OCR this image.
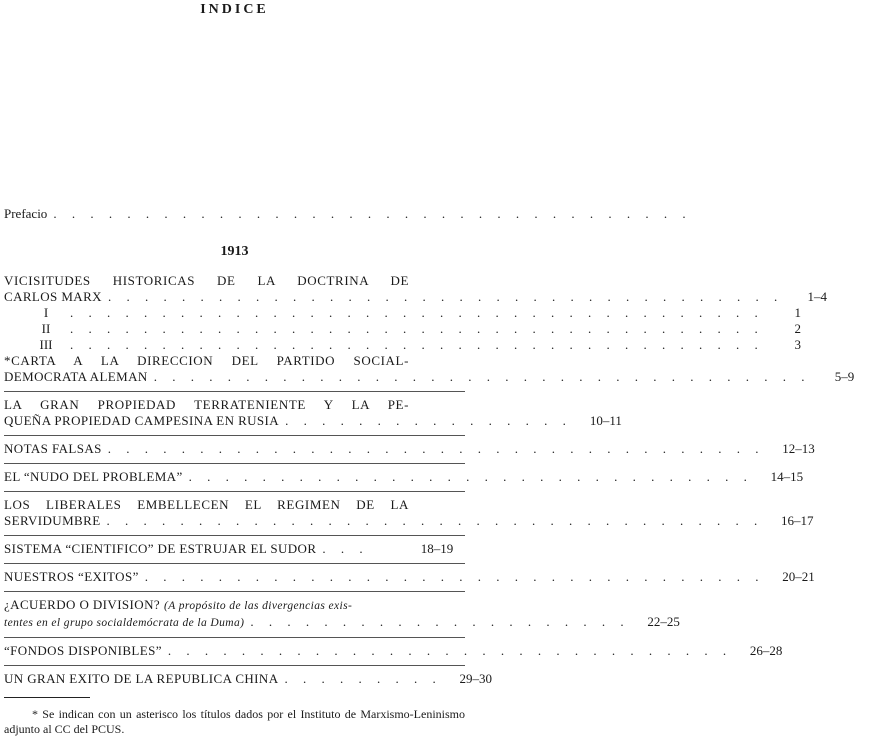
INDICE
Prefacio . . . . . . . . . . . . . . . . . . . . . . . . . . . . . . . . . . .
1913
VICISITUDES HISTORICAS DE LA DOCTRINA DE
CARLOS MARX . . . . . . . . . . . . . . . . . . . . . . . . . . . . . . . . . . . . .	1–4
I	. . . . . . . . . . . . . . . . . . . . . . . . . . . . . . . . . . . . . .	1
II	. . . . . . . . . . . . . . . . . . . . . . . . . . . . . . . . . . . . . .	2
III	. . . . . . . . . . . . . . . . . . . . . . . . . . . . . . . . . . . . . .	3
*CARTA A LA DIRECCION DEL PARTIDO SOCIAL-
DEMOCRATA ALEMAN . . . . . . . . . . . . . . . . . . . . . . . . . . . . . . . . . . . .	5–9
LA GRAN PROPIEDAD TERRATENIENTE Y LA PE-
QUEÑA PROPIEDAD CAMPESINA EN RUSIA . . . . . . . . . . . . . . . .	10–11
NOTAS FALSAS . . . . . . . . . . . . . . . . . . . . . . . . . . . . . . . . . . . .	12–13
EL “NUDO DEL PROBLEMA” . . . . . . . . . . . . . . . . . . . . . . . . . . . . . . .	14–15
LOS LIBERALES EMBELLECEN EL REGIMEN DE LA
SERVIDUMBRE . . . . . . . . . . . . . . . . . . . . . . . . . . . . . . . . . . . .	16–17
SISTEMA “CIENTIFICO” DE ESTRUJAR EL SUDOR . . .	18–19
NUESTROS “EXITOS” . . . . . . . . . . . . . . . . . . . . . . . . . . . . . . . . . .	20–21
¿ACUERDO O DIVISION? (A propósito de las divergencias exis-
tentes en el grupo socialdemócrata de la Duma) . . . . . . . . . . . . . . . . . . . . .	22–25
“FONDOS DISPONIBLES” . . . . . . . . . . . . . . . . . . . . . . . . . . . . . . .	26–28
UN GRAN EXITO DE LA REPUBLICA CHINA . . . . . . . . .	29–30
* Se indican con un asterisco los títulos dados por el Instituto de Marxismo-Leninismo adjunto al CC del PCUS.
